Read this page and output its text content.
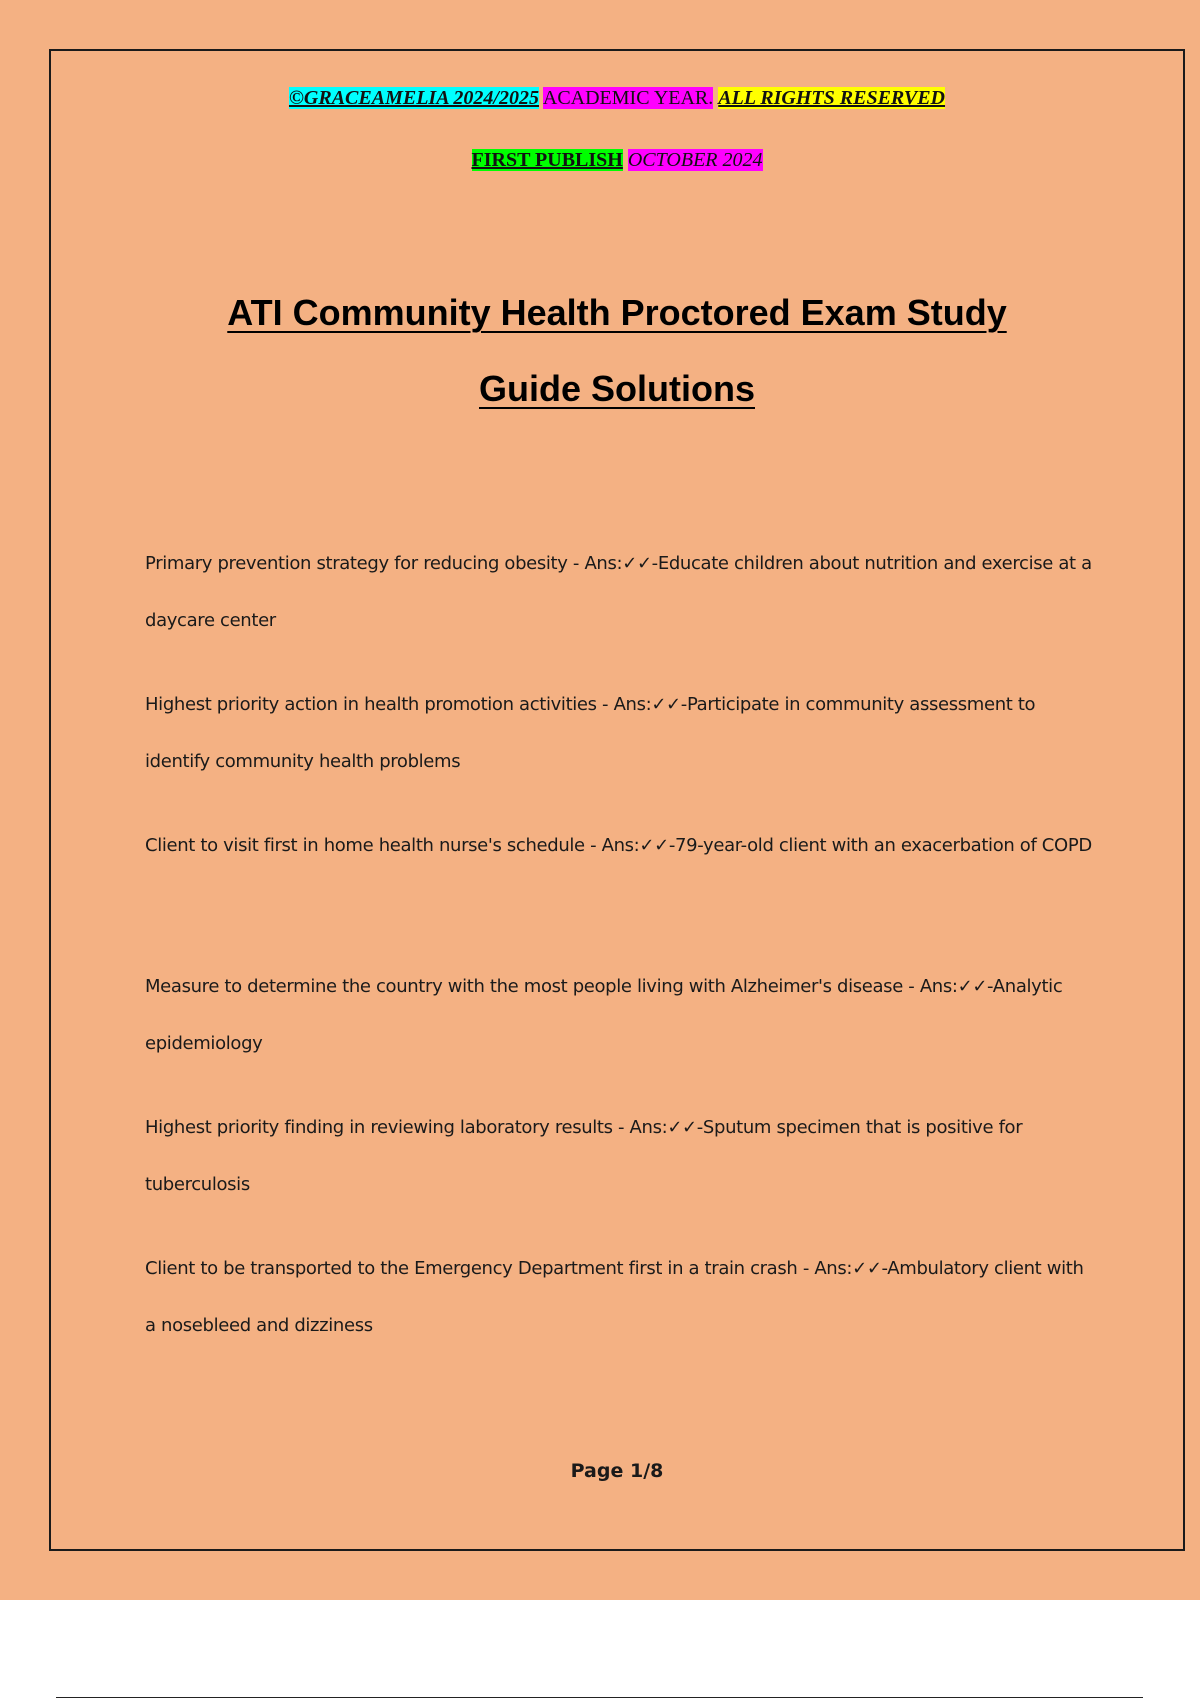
©GRACEAMELIA 2024/2025 ACADEMIC YEAR. ALL RIGHTS RESERVED
FIRST PUBLISH OCTOBER 2024
ATI Community Health Proctored Exam Study
Guide Solutions
Primary prevention strategy for reducing obesity - Ans:✓✓-Educate children about nutrition and exercise at a daycare center
Highest priority action in health promotion activities - Ans:✓✓-Participate in community assessment to identify community health problems
Client to visit first in home health nurse's schedule - Ans:✓✓-79-year-old client with an exacerbation of COPD
Measure to determine the country with the most people living with Alzheimer's disease - Ans:✓✓-Analytic epidemiology
Highest priority finding in reviewing laboratory results - Ans:✓✓-Sputum specimen that is positive for tuberculosis
Client to be transported to the Emergency Department first in a train crash - Ans:✓✓-Ambulatory client with a nosebleed and dizziness
Page 1/8
